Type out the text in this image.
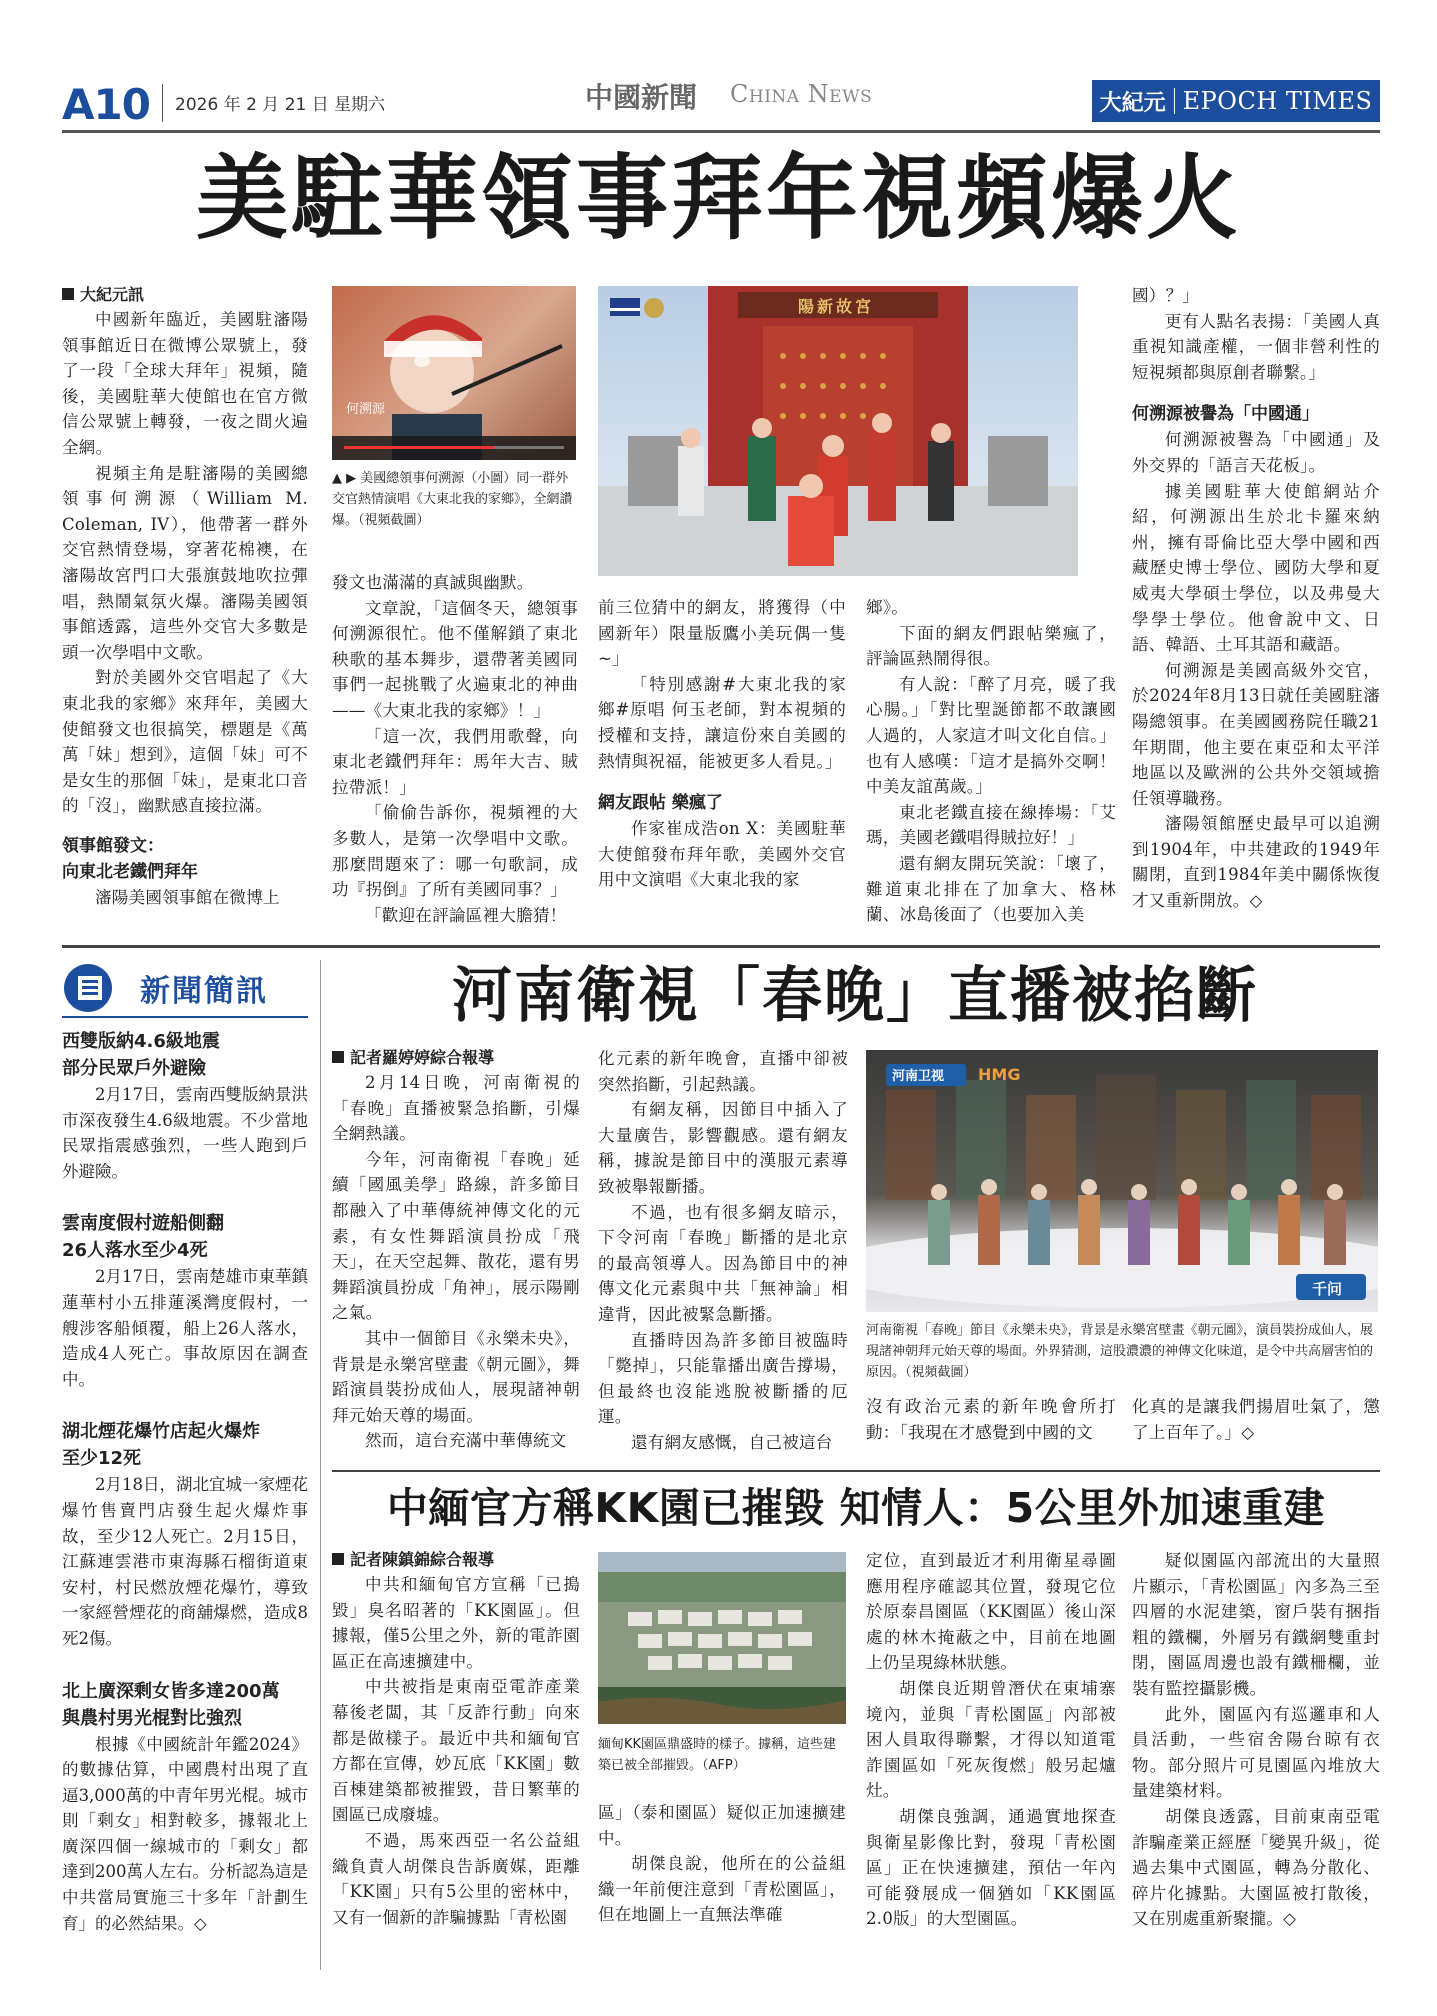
A10 2026 年 2 月 21 日 星期六	中國新聞 China News	大紀元 EPOCH TIMES
美駐華領事拜年視頻爆火
大紀元訊

中國新年臨近，美國駐瀋陽領事館近日在微博公眾號上，發了一段「全球大拜年」視頻，隨後，美國駐華大使館也在官方微信公眾號上轉發，一夜之間火遍全網。

視頻主角是駐瀋陽的美國總領事何溯源（William M. Coleman, IV），他帶著一群外交官熱情登場，穿著花棉襖，在瀋陽故宮門口大張旗鼓地吹拉彈唱，熱鬧氣氛火爆。瀋陽美國領事館透露，這些外交官大多數是頭一次學唱中文歌。

對於美國外交官唱起了《大東北我的家鄉》來拜年，美國大使館發文也很搞笑，標題是《萬萬「妹」想到》，這個「妹」可不是女生的那個「妹」，是東北口音的「沒」，幽默感直接拉滿。

領事館發文：
向東北老鐵們拜年

瀋陽美國領事館在微博上

何溯源
▲ ▶ 美國總領事何溯源（小圖）同一群外交官熱情演唱《大東北我的家鄉》，全網讚爆。（視頻截圖）
陽新故宮

發文也滿滿的真誠與幽默。

文章說，「這個冬天，總領事何溯源很忙。他不僅解鎖了東北秧歌的基本舞步，還帶著美國同事們一起挑戰了火遍東北的神曲——《大東北我的家鄉》！」

「這一次，我們用歌聲，向東北老鐵們拜年：馬年大吉、賊拉帶派！」

「偷偷告訴你，視頻裡的大多數人，是第一次學唱中文歌。那麼問題來了：哪一句歌詞，成功『拐倒』了所有美國同事？」

「歡迎在評論區裡大膽猜！

前三位猜中的網友，將獲得（中國新年）限量版鷹小美玩偶一隻~」

「特別感謝#大東北我的家鄉#原唱 何玉老師，對本視頻的授權和支持，讓這份來自美國的熱情與祝福，能被更多人看見。」

網友跟帖 樂瘋了

作家崔成浩on X：美國駐華大使館發布拜年歌，美國外交官用中文演唱《大東北我的家

鄉》。

下面的網友們跟帖樂瘋了，評論區熱鬧得很。

有人說：「醉了月亮，暖了我心腸。」「對比聖誕節都不敢讓國人過的，人家這才叫文化自信。」也有人感嘆：「這才是搞外交啊！中美友誼萬歲。」

東北老鐵直接在線捧場：「艾瑪，美國老鐵唱得賊拉好！」

還有網友開玩笑說：「壞了，難道東北排在了加拿大、格林蘭、冰島後面了（也要加入美

國）？」

更有人點名表揚：「美國人真重視知識產權，一個非營利性的短視頻都與原創者聯繫。」

何溯源被譽為「中國通」

何溯源被譽為「中國通」及外交界的「語言天花板」。

據美國駐華大使館網站介紹，何溯源出生於北卡羅來納州，擁有哥倫比亞大學中國和西藏歷史博士學位、國防大學和夏威夷大學碩士學位，以及弗曼大學學士學位。他會說中文、日語、韓語、土耳其語和藏語。

何溯源是美國高級外交官，於2024年8月13日就任美國駐瀋陽總領事。在美國國務院任職21年期間，他主要在東亞和太平洋地區以及歐洲的公共外交領域擔任領導職務。

瀋陽領館歷史最早可以追溯到1904年，中共建政的1949年關閉，直到1984年美中關係恢復才又重新開放。◇

新聞簡訊
西雙版納4.6級地震
部分民眾戶外避險

2月17日，雲南西雙版納景洪市深夜發生4.6級地震。不少當地民眾指震感強烈，一些人跑到戶外避險。

雲南度假村遊船側翻
26人落水至少4死

2月17日，雲南楚雄市東華鎮蓮華村小五排蓮溪灣度假村，一艘涉客船傾覆，船上26人落水，造成4人死亡。事故原因在調查中。

湖北煙花爆竹店起火爆炸
至少12死

2月18日，湖北宜城一家煙花爆竹售賣門店發生起火爆炸事故，至少12人死亡。2月15日，江蘇連雲港市東海縣石榴街道東安村，村民燃放煙花爆竹，導致一家經營煙花的商舖爆燃，造成8死2傷。

北上廣深剩女皆多達200萬
與農村男光棍對比強烈

根據《中國統計年鑑2024》的數據估算，中國農村出現了直逼3,000萬的中青年男光棍。城市則「剩女」相對較多，據報北上廣深四個一線城市的「剩女」都達到200萬人左右。分析認為這是中共當局實施三十多年「計劃生育」的必然結果。◇

河南衛視「春晚」直播被掐斷
記者羅婷婷綜合報導

2月14日晚，河南衛視的「春晚」直播被緊急掐斷，引爆全網熱議。

今年，河南衛視「春晚」延續「國風美學」路線，許多節目都融入了中華傳統神傳文化的元素，有女性舞蹈演員扮成「飛天」，在天空起舞、散花，還有男舞蹈演員扮成「角神」，展示陽剛之氣。

其中一個節目《永樂未央》，背景是永樂宮壁畫《朝元圖》，舞蹈演員裝扮成仙人，展現諸神朝拜元始天尊的場面。

然而，這台充滿中華傳統文

化元素的新年晚會，直播中卻被突然掐斷，引起熱議。

有網友稱，因節目中插入了大量廣告，影響觀感。還有網友稱，據說是節目中的漢服元素導致被舉報斷播。

不過，也有很多網友暗示，下令河南「春晚」斷播的是北京的最高領導人。因為節目中的神傳文化元素與中共「無神論」相違背，因此被緊急斷播。

直播時因為許多節目被臨時「斃掉」，只能靠播出廣告撐場，但最終也沒能逃脫被斷播的厄運。

還有網友感慨，自己被這台

河南卫视 HMG
千问
河南衛視「春晚」節目《永樂未央》，背景是永樂宮壁畫《朝元圖》，演員裝扮成仙人，展現諸神朝拜元始天尊的場面。外界猜測，這股濃濃的神傳文化味道，是令中共高層害怕的原因。（視頻截圖）

沒有政治元素的新年晚會所打動：「我現在才感覺到中國的文

化真的是讓我們揚眉吐氣了，懲了上百年了。」◇

中緬官方稱KK園已摧毀 知情人：5公里外加速重建
記者陳鎮錦綜合報導

中共和緬甸官方宣稱「已搗毀」臭名昭著的「KK園區」。但據報，僅5公里之外，新的電詐園區正在高速擴建中。

中共被指是東南亞電詐產業幕後老闆，其「反詐行動」向來都是做樣子。最近中共和緬甸官方都在宣傳，妙瓦底「KK園」數百棟建築都被摧毀，昔日繁華的園區已成廢墟。

不過，馬來西亞一名公益組織負責人胡傑良告訴廣媒，距離「KK園」只有5公里的密林中，又有一個新的詐騙據點「青松園

緬甸KK園區鼎盛時的樣子。據稱，這些建築已被全部摧毀。（AFP）

區」（泰和園區）疑似正加速擴建中。

胡傑良說，他所在的公益組織一年前便注意到「青松園區」，但在地圖上一直無法準確

定位，直到最近才利用衛星尋圖應用程序確認其位置，發現它位於原泰昌園區（KK園區）後山深處的林木掩蔽之中，目前在地圖上仍呈現綠林狀態。

胡傑良近期曾潛伏在東埔寨境內，並與「青松園區」內部被困人員取得聯繫，才得以知道電詐園區如「死灰復燃」般另起爐灶。

胡傑良強調，通過實地探查與衛星影像比對，發現「青松園區」正在快速擴建，預估一年內可能發展成一個猶如「KK園區2.0版」的大型園區。

疑似園區內部流出的大量照片顯示，「青松園區」內多為三至四層的水泥建築，窗戶裝有捆指粗的鐵欄，外層另有鐵網雙重封閉，園區周邊也設有鐵柵欄，並裝有監控攝影機。

此外，園區內有巡邏車和人員活動，一些宿舍陽台晾有衣物。部分照片可見園區內堆放大量建築材料。

胡傑良透露，目前東南亞電詐騙產業正經歷「變異升級」，從過去集中式園區，轉為分散化、碎片化據點。大園區被打散後，又在別處重新聚攏。◇
